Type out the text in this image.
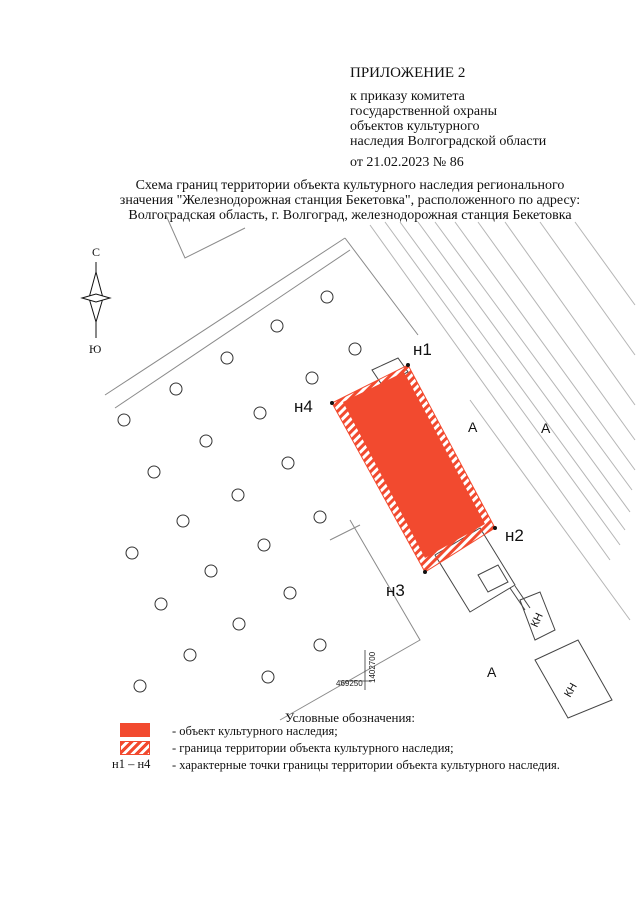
ПРИЛОЖЕНИЕ 2
к приказу комитета
государственной охраны
объектов культурного
наследия Волгоградской области
от 21.02.2023 № 86
Схема границ территории объекта культурного наследия регионального
значения "Железнодорожная станция Бекетовка", расположенного по адресу:
Волгоградская область, г. Волгоград, железнодорожная станция Бекетовка
н1
н2
н3
н4
А	А
А
КН
КН
469250
1402700
С
Ю
Условные обозначения:
- объект культурного наследия;
- граница территории объекта культурного наследия;
н1 – н4 - характерные точки границы территории объекта культурного наследия.
